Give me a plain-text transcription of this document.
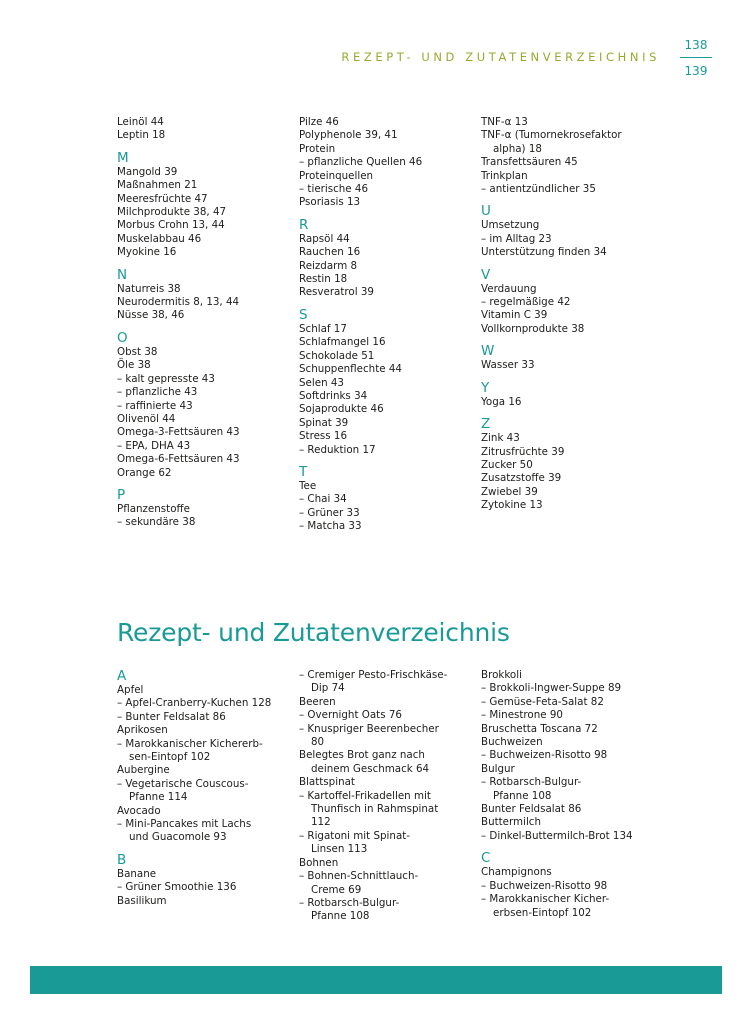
REZEPT- UND ZUTATENVERZEICHNIS
138
139
Leinöl 44
Leptin 18
M
Mangold 39
Maßnahmen 21
Meeresfrüchte 47
Milchprodukte 38, 47
Morbus Crohn 13, 44
Muskelabbau 46
Myokine 16
N
Naturreis 38
Neurodermitis 8, 13, 44
Nüsse 38, 46
O
Obst 38
Öle 38
– kalt gepresste 43
– pflanzliche 43
– raffinierte 43
Olivenöl 44
Omega-3-Fettsäuren 43
– EPA, DHA 43
Omega-6-Fettsäuren 43
Orange 62
P
Pflanzenstoffe
– sekundäre 38
Pilze 46
Polyphenole 39, 41
Protein
– pflanzliche Quellen 46
Proteinquellen
– tierische 46
Psoriasis 13
R
Rapsöl 44
Rauchen 16
Reizdarm 8
Restin 18
Resveratrol 39
S
Schlaf 17
Schlafmangel 16
Schokolade 51
Schuppenflechte 44
Selen 43
Softdrinks 34
Sojaprodukte 46
Spinat 39
Stress 16
– Reduktion 17
T
Tee
– Chai 34
– Grüner 33
– Matcha 33
TNF-α 13
TNF-α (Tumornekrosefaktor
alpha) 18
Transfettsäuren 45
Trinkplan
– antientzündlicher 35
U
Umsetzung
– im Alltag 23
Unterstützung finden 34
V
Verdauung
– regelmäßige 42
Vitamin C 39
Vollkornprodukte 38
W
Wasser 33
Y
Yoga 16
Z
Zink 43
Zitrusfrüchte 39
Zucker 50
Zusatzstoffe 39
Zwiebel 39
Zytokine 13
Rezept- und Zutatenverzeichnis
A
Apfel
– Apfel-Cranberry-Kuchen 128
– Bunter Feldsalat 86
Aprikosen
– Marokkanischer Kichererb-
sen-Eintopf 102
Aubergine
– Vegetarische Couscous-
Pfanne 114
Avocado
– Mini-Pancakes mit Lachs
und Guacomole 93
B
Banane
– Grüner Smoothie 136
Basilikum
– Cremiger Pesto-Frischkäse-
Dip 74
Beeren
– Overnight Oats 76
– Knuspriger Beerenbecher
80
Belegtes Brot ganz nach
deinem Geschmack 64
Blattspinat
– Kartoffel-Frikadellen mit
Thunfisch in Rahmspinat
112
– Rigatoni mit Spinat-
Linsen 113
Bohnen
– Bohnen-Schnittlauch-
Creme 69
– Rotbarsch-Bulgur-
Pfanne 108
Brokkoli
– Brokkoli-Ingwer-Suppe 89
– Gemüse-Feta-Salat 82
– Minestrone 90
Bruschetta Toscana 72
Buchweizen
– Buchweizen-Risotto 98
Bulgur
– Rotbarsch-Bulgur-
Pfanne 108
Bunter Feldsalat 86
Buttermilch
– Dinkel-Buttermilch-Brot 134
C
Champignons
– Buchweizen-Risotto 98
– Marokkanischer Kicher-
erbsen-Eintopf 102
